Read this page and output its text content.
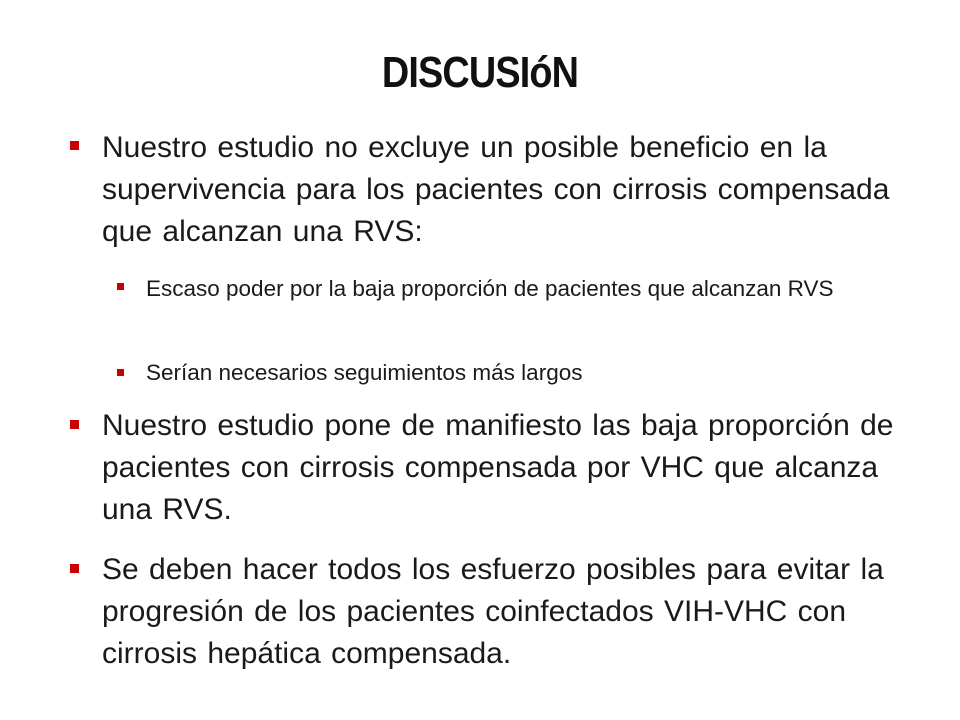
DISCUSIóN
Nuestro estudio no excluye un posible beneficio en la supervivencia para los pacientes con cirrosis compensada que alcanzan una RVS:
Escaso poder por la baja proporción de pacientes que alcanzan RVS
Serían necesarios seguimientos más largos
Nuestro estudio pone de manifiesto las baja proporción de pacientes con cirrosis compensada por VHC que alcanza una RVS.
Se deben hacer todos los esfuerzo posibles para evitar la progresión de los pacientes coinfectados VIH-VHC con cirrosis hepática compensada.
